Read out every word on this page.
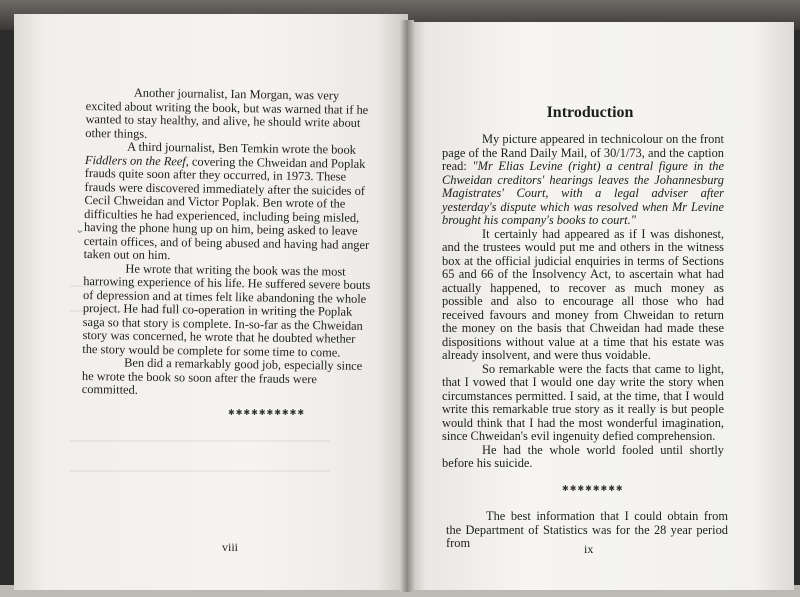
⌄

Another journalist, Ian Morgan, was very excited about writing the book, but was warned that if he wanted to stay healthy, and alive, he should write about other things.

A third journalist, Ben Temkin wrote the book Fiddlers on the Reef, covering the Chweidan and Poplak frauds quite soon after they occurred, in 1973. These frauds were discovered immediately after the suicides of Cecil Chweidan and Victor Poplak. Ben wrote of the difficulties he had experienced, including being misled, having the phone hung up on him, being asked to leave certain offices, and of being abused and having had anger taken out on him.

He wrote that writing the book was the most harrowing experience of his life. He suffered severe bouts of depression and at times felt like abandoning the whole project. He had full co-operation in writing the Poplak saga so that story is complete. In-so-far as the Chweidan story was concerned, he wrote that he doubted whether the story would be complete for some time to come.

Ben did a remarkably good job, especially since he wrote the book so soon after the frauds were committed.

✱✱✱✱✱✱✱✱✱✱
viii
Introduction

My picture appeared in technicolour on the front page of the Rand Daily Mail, of 30/1/73, and the caption read: "Mr Elias Levine (right) a central figure in the Chweidan creditors' hearings leaves the Johannesburg Magistrates' Court, with a legal adviser after yesterday's dispute which was resolved when Mr Levine brought his company's books to court."

It certainly had appeared as if I was dishonest, and the trustees would put me and others in the witness box at the official judicial enquiries in terms of Sections 65 and 66 of the Insolvency Act, to ascertain what had actually happened, to recover as much money as possible and also to encourage all those who had received favours and money from Chweidan to return the money on the basis that Chweidan had made these dispositions without value at a time that his estate was already insolvent, and were thus voidable.

So remarkable were the facts that came to light, that I vowed that I would one day write the story when circumstances permitted. I said, at the time, that I would write this remarkable true story as it really is but people would think that I had the most wonderful imagination, since Chweidan's evil ingenuity defied comprehension.

He had the whole world fooled until shortly before his suicide.

✱✱✱✱✱✱✱✱

The best information that I could obtain from the Department of Statistics was for the 28 year period from	ix
